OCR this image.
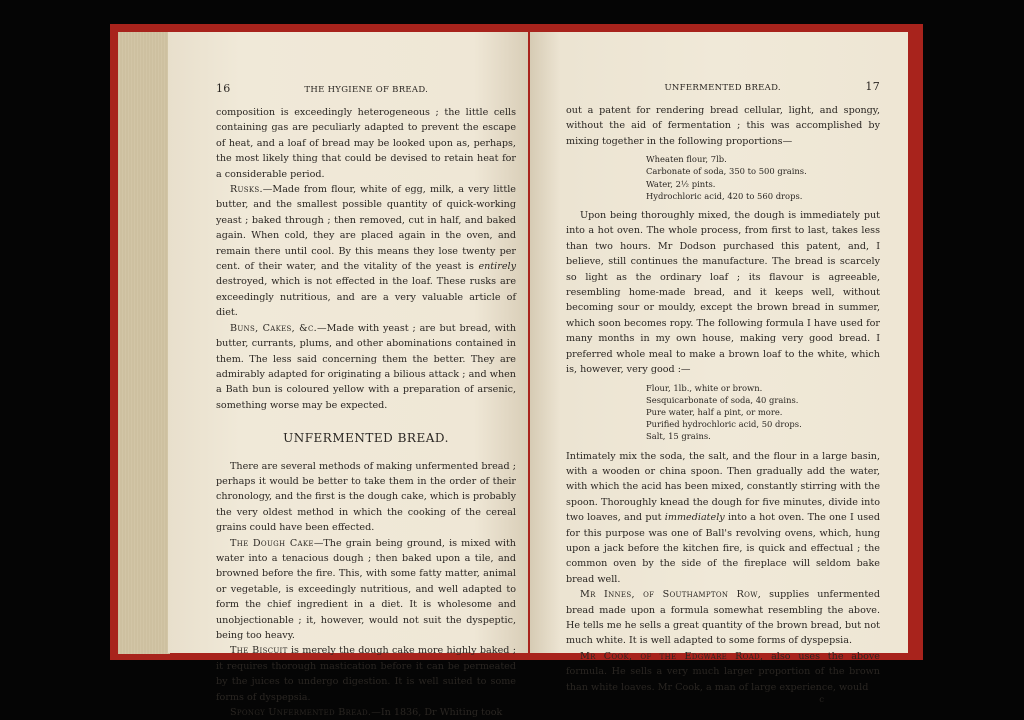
16	THE HYGIENE OF BREAD.

composition is exceedingly heterogeneous ; the little cells containing gas are peculiarly adapted to prevent the escape of heat, and a loaf of bread may be looked upon as, perhaps, the most likely thing that could be devised to retain heat for a considerable period.

Rusks.—Made from flour, white of egg, milk, a very little butter, and the smallest possible quantity of quick-working yeast ; baked through ; then removed, cut in half, and baked again. When cold, they are placed again in the oven, and remain there until cool. By this means they lose twenty per cent. of their water, and the vitality of the yeast is entirely destroyed, which is not effected in the loaf. These rusks are exceedingly nutritious, and are a very valuable article of diet.

Buns, Cakes, &c.—Made with yeast ; are but bread, with butter, currants, plums, and other abominations contained in them. The less said concerning them the better. They are admirably adapted for originating a bilious attack ; and when a Bath bun is coloured yellow with a preparation of arsenic, something worse may be expected.

UNFERMENTED BREAD.

There are several methods of making unfermented bread ; perhaps it would be better to take them in the order of their chronology, and the first is the dough cake, which is probably the very oldest method in which the cooking of the cereal grains could have been effected.

The Dough Cake—The grain being ground, is mixed with water into a tenacious dough ; then baked upon a tile, and browned before the fire. This, with some fatty matter, animal or vegetable, is exceedingly nutritious, and well adapted to form the chief ingredient in a diet. It is wholesome and unobjectionable ; it, however, would not suit the dyspeptic, being too heavy.

The Biscuit is merely the dough cake more highly baked ; it requires thorough mastication before it can be permeated by the juices to undergo digestion. It is well suited to some forms of dyspepsia.

Spongy Unfermented Bread.—In 1836, Dr Whiting took

UNFERMENTED BREAD.	17

out a patent for rendering bread cellular, light, and spongy, without the aid of fermentation ; this was accomplished by mixing together in the following proportions—

Wheaten flour, 7lb.
Carbonate of soda, 350 to 500 grains.
Water, 2½ pints.
Hydrochloric acid, 420 to 560 drops.

Upon being thoroughly mixed, the dough is immediately put into a hot oven. The whole process, from first to last, takes less than two hours. Mr Dodson purchased this patent, and, I believe, still continues the manufacture. The bread is scarcely so light as the ordinary loaf ; its flavour is agreeable, resembling home-made bread, and it keeps well, without becoming sour or mouldy, except the brown bread in summer, which soon becomes ropy. The following formula I have used for many months in my own house, making very good bread. I preferred whole meal to make a brown loaf to the white, which is, however, very good :—

Flour, 1lb., white or brown.
Sesquicarbonate of soda, 40 grains.
Pure water, half a pint, or more.
Purified hydrochloric acid, 50 drops.
Salt, 15 grains.

Intimately mix the soda, the salt, and the flour in a large basin, with a wooden or china spoon. Then gradually add the water, with which the acid has been mixed, constantly stirring with the spoon. Thoroughly knead the dough for five minutes, divide into two loaves, and put immediately into a hot oven. The one I used for this purpose was one of Ball's revolving ovens, which, hung upon a jack before the kitchen fire, is quick and effectual ; the common oven by the side of the fireplace will seldom bake bread well.

Mr Innes, of Southampton Row, supplies unfermented bread made upon a formula somewhat resembling the above. He tells me he sells a great quantity of the brown bread, but not much white. It is well adapted to some forms of dyspepsia.

Mr Cook, of the Edgware Road, also uses the above formula. He sells a very much larger proportion of the brown than white loaves. Mr Cook, a man of large experience, would

c
